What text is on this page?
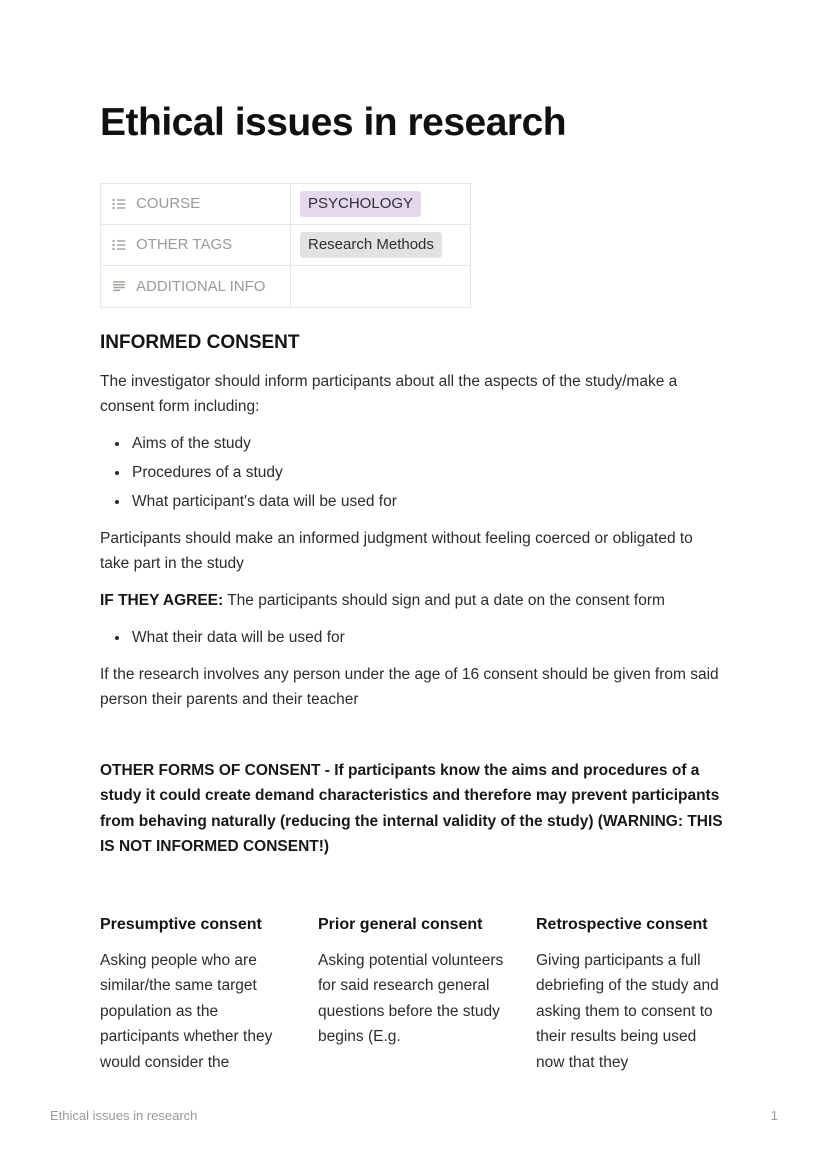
Ethical issues in research
COURSE	PSYCHOLOGY
OTHER TAGS	Research Methods
ADDITIONAL INFO
INFORMED CONSENT

The investigator should inform participants about all the aspects of the study/make a consent form including:

• Aims of the study
• Procedures of a study
• What participant's data will be used for

Participants should make an informed judgment without feeling coerced or obligated to take part in the study

IF THEY AGREE: The participants should sign and put a date on the consent form

• What their data will be used for

If the research involves any person under the age of 16 consent should be given from said person their parents and their teacher

OTHER FORMS OF CONSENT - If participants know the aims and procedures of a study it could create demand characteristics and therefore may prevent participants from behaving naturally (reducing the internal validity of the study) (WARNING: THIS IS NOT INFORMED CONSENT!)

Presumptive consent
Asking people who are similar/the same target population as the participants whether they would consider the
Prior general consent
Asking potential volunteers for said research general questions before the study begins (E.g.
Retrospective consent
Giving participants a full debriefing of the study and asking them to consent to their results being used now that they
Ethical issues in research	1
